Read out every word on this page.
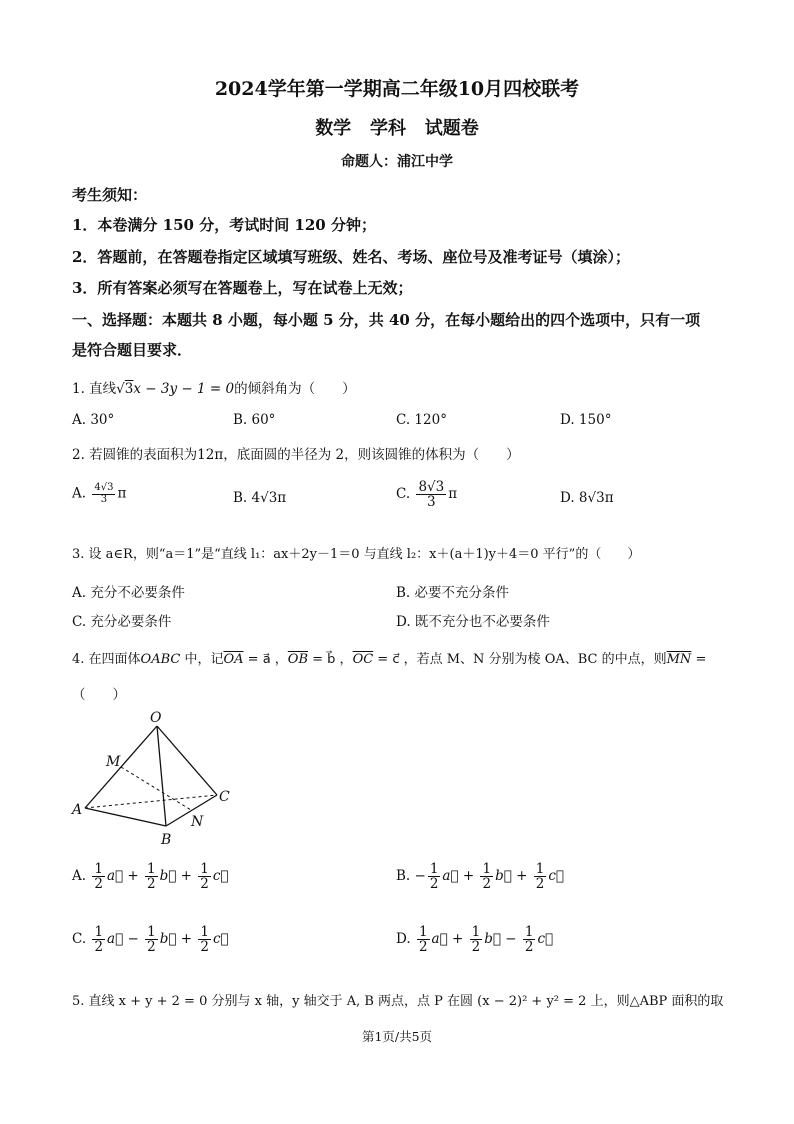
2024学年第一学期高二年级10月四校联考
数学   学科   试题卷
命题人：浦江中学
考生须知：
1．本卷满分 150 分，考试时间 120 分钟；
2．答题前，在答题卷指定区域填写班级、姓名、考场、座位号及准考证号（填涂）；
3．所有答案必须写在答题卷上，写在试卷上无效；
一、选择题：本题共 8 小题，每小题 5 分，共 40 分，在每小题给出的四个选项中，只有一项
是符合题目要求．
1. 直线√3x − 3y − 1 = 0的倾斜角为（　　）
A. 30°	B. 60°	C. 120°	D. 150°
2. 若圆锥的表面积为12π，底面圆的半径为 2，则该圆锥的体积为（　　）
A. $\frac{4√3}{3}$ π	B. 4√3π	C. $\frac{8√3}{3}$ π	D. 8√3π
3. 设 a∈R，则“a＝1”是“直线 l₁：ax＋2y－1＝0 与直线 l₂：x＋(a＋1)y＋4＝0 平行”的（　　）
A. 充分不必要条件	B. 必要不充分条件
C. 充分必要条件	D. 既不充分也不必要条件
4. 在四面体OABC 中，记$\overline{OA}$ = a⃗ ，$\overline{OB}$ = b⃗ ，$\overline{OC}$ = c⃗ ，若点 M、N 分别为棱 OA、BC 的中点，则$\overline{MN}$ =
（　　）
O
M
A
B
C
N
A. $\frac{1}{2}$ a⃗ + $\frac{1}{2}$ b⃗ + $\frac{1}{2}$ c⃗	B. − $\frac{1}{2}$ a⃗ + $\frac{1}{2}$ b⃗ + $\frac{1}{2}$ c⃗
C. $\frac{1}{2}$ a⃗ − $\frac{1}{2}$ b⃗ + $\frac{1}{2}$ c⃗	D. $\frac{1}{2}$ a⃗ + $\frac{1}{2}$ b⃗ − $\frac{1}{2}$ c⃗
5. 直线 x + y + 2 = 0 分别与 x 轴，y 轴交于 A, B 两点，点 P 在圆 (x − 2)² + y² = 2 上，则△ABP 面积的取
第1页/共5页
